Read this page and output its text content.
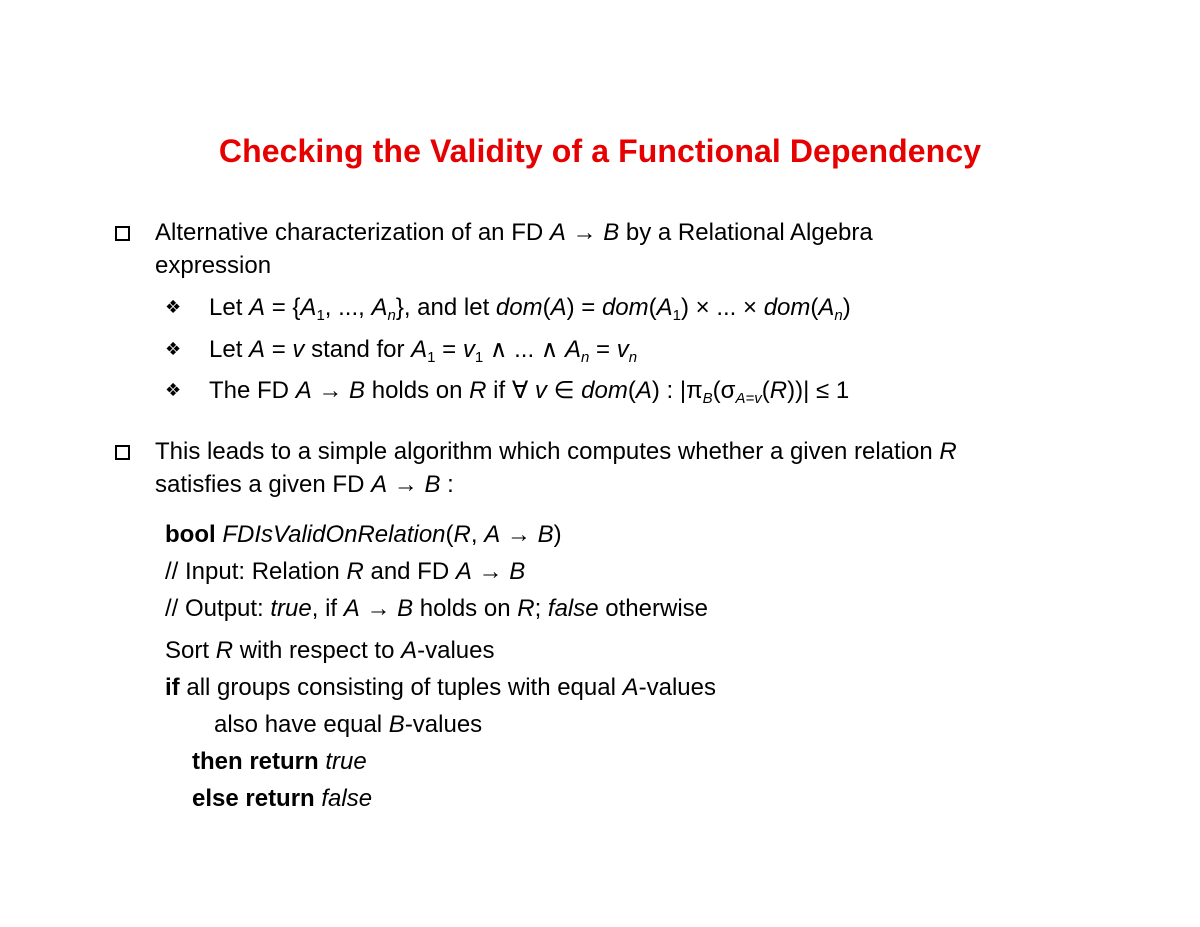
Checking the Validity of a Functional Dependency
Alternative characterization of an FD A → B by a Relational Algebra
expression
❖ Let $A = \{A_1$, ..., $A_n$}, and let $dom(A) = dom(A_1)$ × ... × $dom(A_n)$
❖ Let A = v stand for $A_1 = v_1$ ∧ ... ∧ $A_n = v_n$
❖ The FD A → B holds on R if ∀ v ∈ dom(A) : $|\pi_B(\sigma_{A=v}(R))| \le 1$
This leads to a simple algorithm which computes whether a given relation R
satisfies a given FD A → B :
bool FDIsValidOnRelation(R, A → B)
// Input: Relation R and FD A → B
// Output: true, if A → B holds on R; false otherwise
Sort R with respect to A-values
if all groups consisting of tuples with equal A-values
also have equal B-values
then return true
else return false
